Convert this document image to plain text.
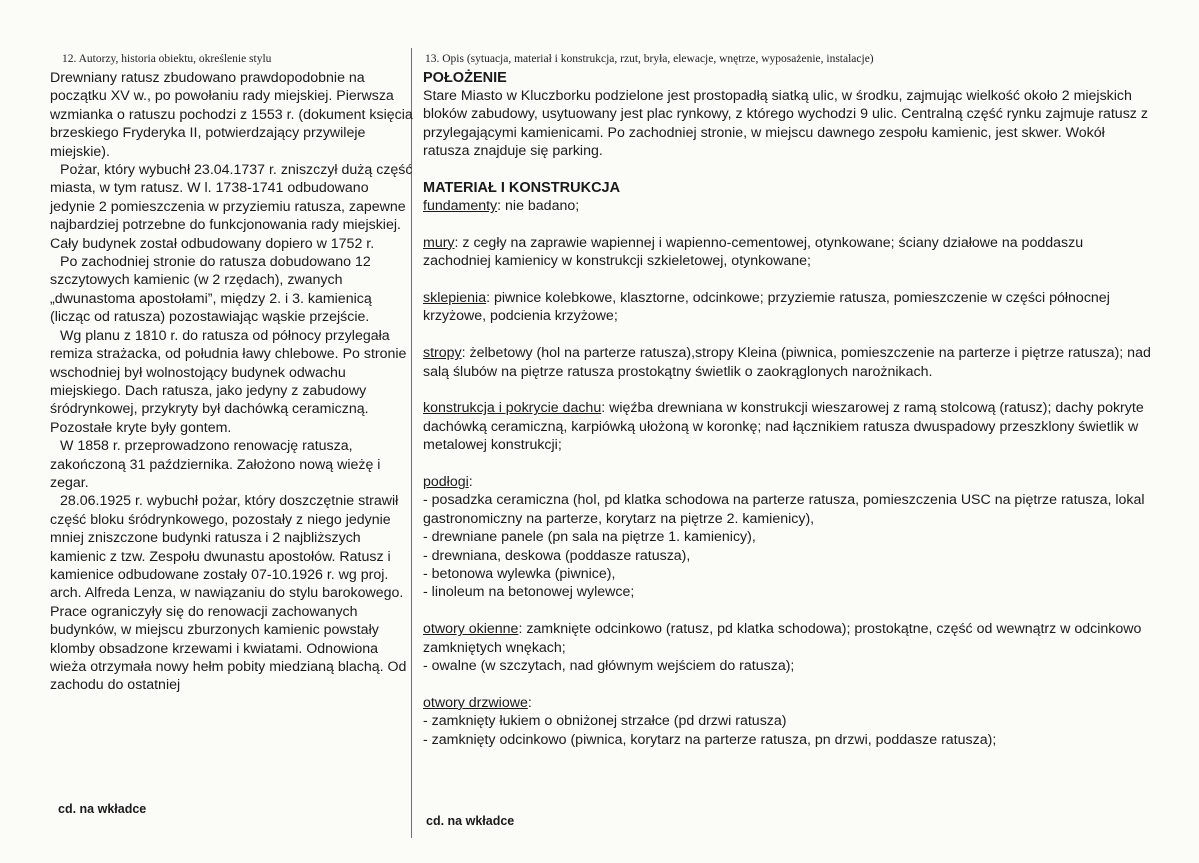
12. Autorzy, historia obiektu, określenie stylu

Drewniany ratusz zbudowano prawdopodobnie na początku XV w., po powołaniu rady miejskiej. Pierwsza wzmianka o ratuszu pochodzi z 1553 r. (dokument księcia brzeskiego Fryderyka II, potwierdzający przywileje miejskie).

Pożar, który wybuchł 23.04.1737 r. zniszczył dużą część miasta, w tym ratusz. W l. 1738-1741 odbudowano jedynie 2 pomieszczenia w przyziemiu ratusza, zapewne najbardziej potrzebne do funkcjonowania rady miejskiej. Cały budynek został odbudowany dopiero w 1752 r.

Po zachodniej stronie do ratusza dobudowano 12 szczytowych kamienic (w 2 rzędach), zwanych „dwunastoma apostołami”, między 2. i 3. kamienicą (licząc od ratusza) pozostawiając wąskie przejście.

Wg planu z 1810 r. do ratusza od północy przylegała remiza strażacka, od południa ławy chlebowe. Po stronie wschodniej był wolnostojący budynek odwachu miejskiego. Dach ratusza, jako jedyny z zabudowy śródrynkowej, przykryty był dachówką ceramiczną. Pozostałe kryte były gontem.

W 1858 r. przeprowadzono renowację ratusza, zakończoną 31 października. Założono nową wieżę i zegar.

28.06.1925 r. wybuchł pożar, który doszczętnie strawił część bloku śródrynkowego, pozostały z niego jedynie mniej zniszczone budynki ratusza i 2 najbliższych kamienic z tzw. Zespołu dwunastu apostołów. Ratusz i kamienice odbudowane zostały 07-10.1926 r. wg proj. arch. Alfreda Lenza, w nawiązaniu do stylu barokowego. Prace ograniczyły się do renowacji zachowanych budynków, w miejscu zburzonych kamienic powstały klomby obsadzone krzewami i kwiatami. Odnowiona wieża otrzymała nowy hełm pobity miedzianą blachą. Od zachodu do ostatniej

cd. na wkładce
13. Opis (sytuacja, materiał i konstrukcja, rzut, bryła, elewacje, wnętrze, wyposażenie, instalacje)
POŁOŻENIE

Stare Miasto w Kluczborku podzielone jest prostopadłą siatką ulic, w środku, zajmując wielkość około 2 miejskich bloków zabudowy, usytuowany jest plac rynkowy, z którego wychodzi 9 ulic. Centralną część rynku zajmuje ratusz z przylegającymi kamienicami. Po zachodniej stronie, w miejscu dawnego zespołu kamienic, jest skwer. Wokół ratusza znajduje się parking.

MATERIAŁ I KONSTRUKCJA

fundamenty: nie badano;

mury: z cegły na zaprawie wapiennej i wapienno-cementowej, otynkowane; ściany działowe na poddaszu zachodniej kamienicy w konstrukcji szkieletowej, otynkowane;

sklepienia: piwnice kolebkowe, klasztorne, odcinkowe; przyziemie ratusza, pomieszczenie w części północnej krzyżowe, podcienia krzyżowe;

stropy: żelbetowy (hol na parterze ratusza),stropy Kleina (piwnica, pomieszczenie na parterze i piętrze ratusza); nad salą ślubów na piętrze ratusza prostokątny świetlik o zaokrąglonych narożnikach.

konstrukcja i pokrycie dachu: więźba drewniana w konstrukcji wieszarowej z ramą stolcową (ratusz); dachy pokryte dachówką ceramiczną, karpiówką ułożoną w koronkę; nad łącznikiem ratusza dwuspadowy przeszklony świetlik w metalowej konstrukcji;

podłogi:

- posadzka ceramiczna (hol, pd klatka schodowa na parterze ratusza, pomieszczenia USC na piętrze ratusza, lokal gastronomiczny na parterze, korytarz na piętrze 2. kamienicy),

- drewniane panele (pn sala na piętrze 1. kamienicy),

- drewniana, deskowa (poddasze ratusza),

- betonowa wylewka (piwnice),

- linoleum na betonowej wylewce;

otwory okienne: zamknięte odcinkowo (ratusz, pd klatka schodowa); prostokątne, część od wewnątrz w odcinkowo zamkniętych wnękach;

- owalne (w szczytach, nad głównym wejściem do ratusza);

otwory drzwiowe:

- zamknięty łukiem o obniżonej strzałce (pd drzwi ratusza)

- zamknięty odcinkowo (piwnica, korytarz na parterze ratusza, pn drzwi, poddasze ratusza);

cd. na wkładce
